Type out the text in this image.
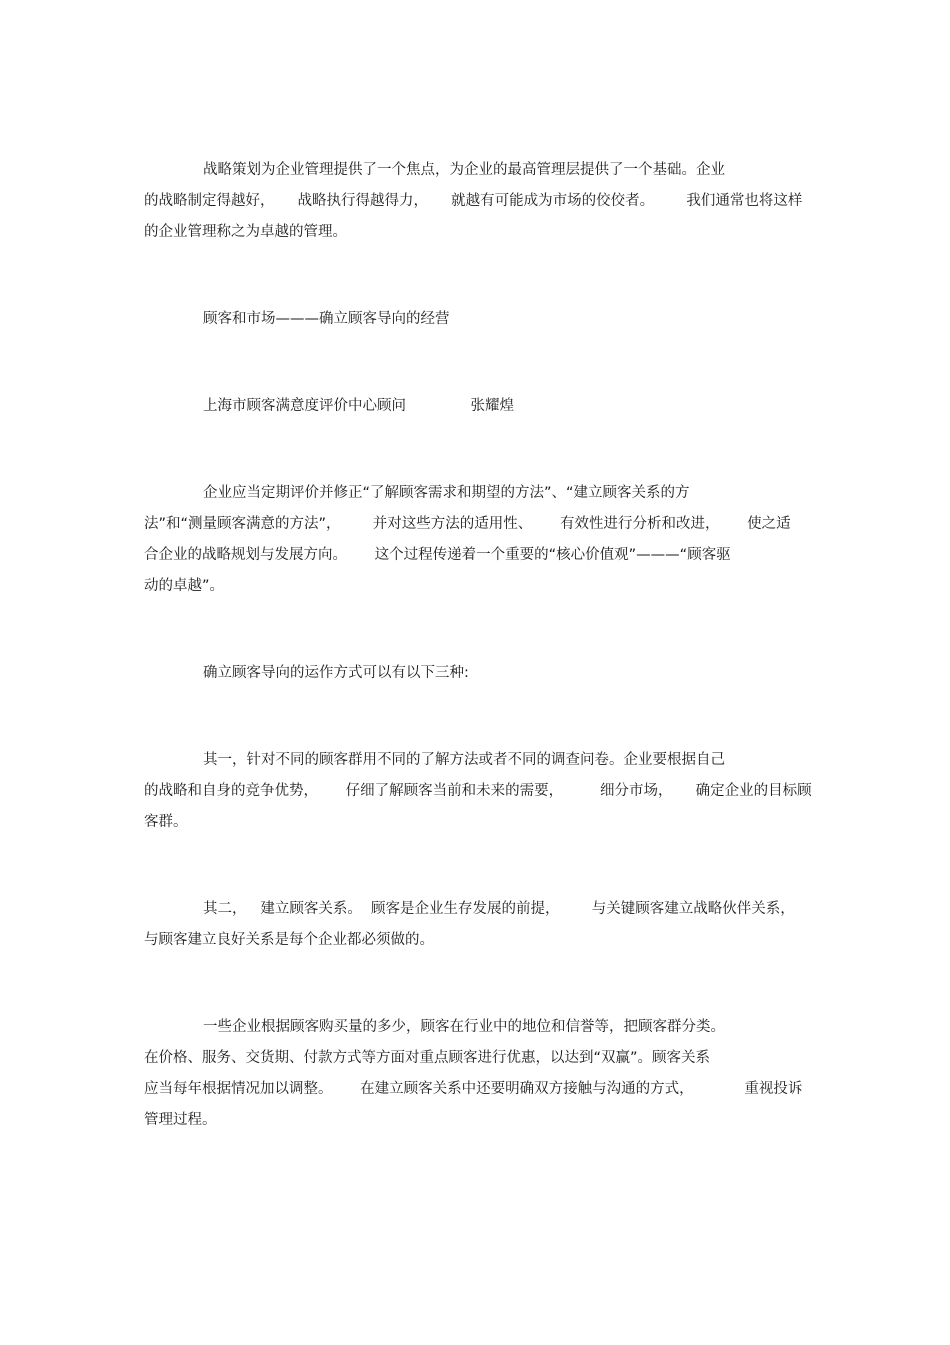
战略策划为企业管理提供了一个焦点，为企业的最高管理层提供了一个基础。企业
的战略制定得越好，     战略执行得越得力，     就越有可能成为市场的佼佼者。       我们通常也将这样
的企业管理称之为卓越的管理。
顾客和市场———确立顾客导向的经营
上海市顾客满意度评价中心顾问              张耀煌
企业应当定期评价并修正“了解顾客需求和期望的方法”、“建立顾客关系的方
法”和“测量顾客满意的方法”，       并对这些方法的适用性、      有效性进行分析和改进，      使之适
合企业的战略规划与发展方向。      这个过程传递着一个重要的“核心价值观”———“顾客驱
动的卓越”。
确立顾客导向的运作方式可以有以下三种:
其一，针对不同的顾客群用不同的了解方法或者不同的调查问卷。企业要根据自己
的战略和自身的竞争优势，      仔细了解顾客当前和未来的需要，        细分市场，     确定企业的目标顾
客群。
其二，   建立顾客关系。  顾客是企业生存发展的前提，       与关键顾客建立战略伙伴关系，
与顾客建立良好关系是每个企业都必须做的。
一些企业根据顾客购买量的多少，顾客在行业中的地位和信誉等，把顾客群分类。
在价格、服务、交货期、付款方式等方面对重点顾客进行优惠，以达到“双赢”。顾客关系
应当每年根据情况加以调整。      在建立顾客关系中还要明确双方接触与沟通的方式，           重视投诉
管理过程。
